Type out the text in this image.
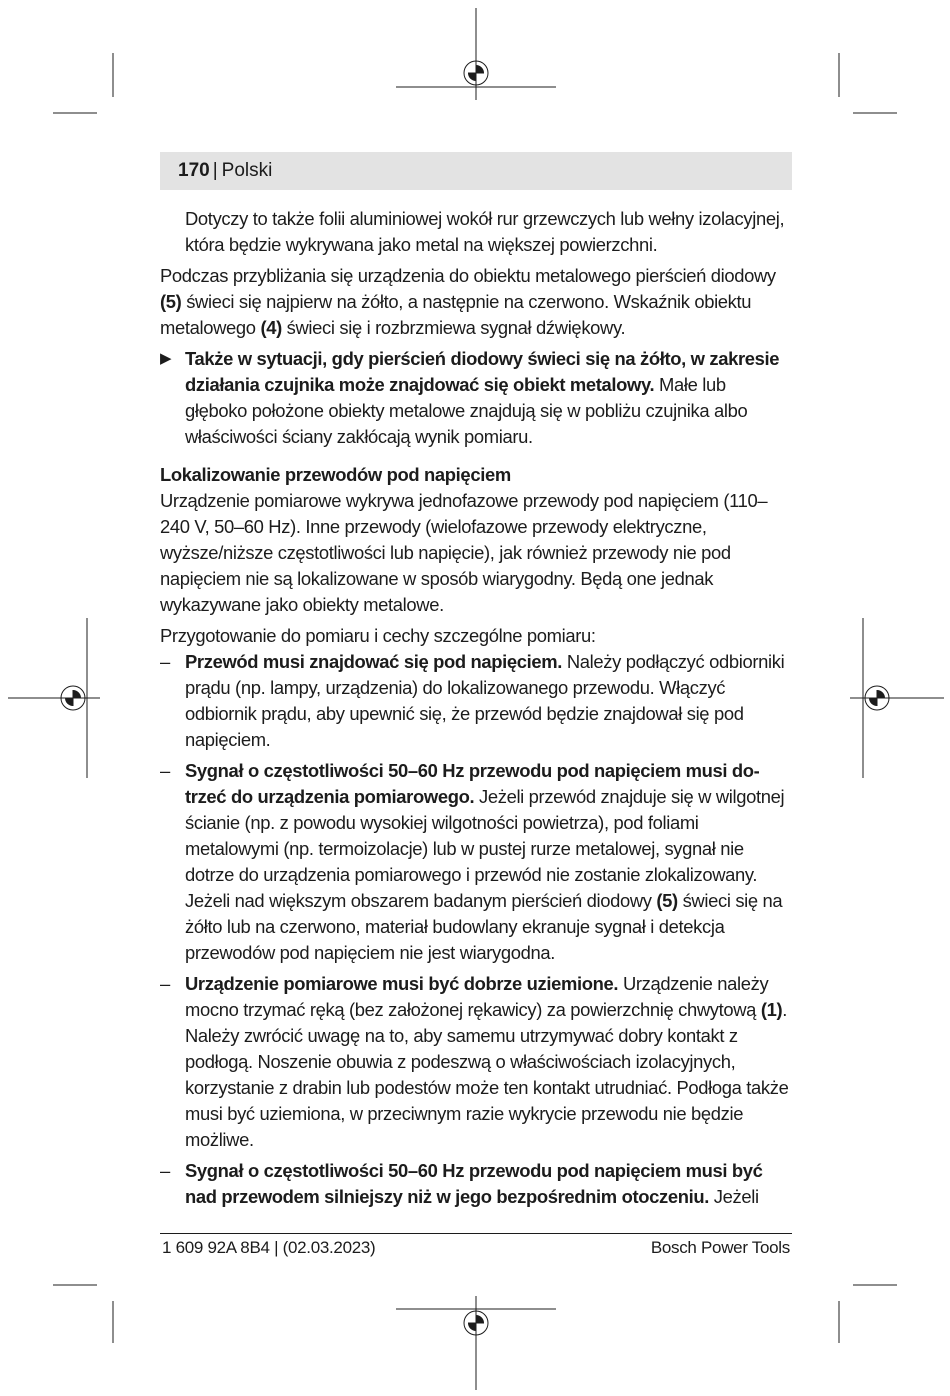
170 | Polski
Dotyczy to także folii aluminiowej wokół rur grzewczych lub wełny izolacyjnej, która będzie wykrywana jako metal na większej powierzchni.
Podczas przybliżania się urządzenia do obiektu metalowego pierścień diodowy (5) świeci się najpierw na żółto, a następnie na czerwono. Wskaźnik obiektu metalowego (4) świeci się i rozbrzmiewa sygnał dźwiękowy.
▶ Także w sytuacji, gdy pierścień diodowy świeci się na żółto, w zakresie działania czujnika może znajdować się obiekt metalowy. Małe lub głęboko położone obiekty metalowe znajdują się w pobliżu czujnika albo właściwości ściany zakłócają wynik pomiaru.
Lokalizowanie przewodów pod napięciem
Urządzenie pomiarowe wykrywa jednofazowe przewody pod napięciem (110–240 V, 50–60 Hz). Inne przewody (wielofazowe przewody elektryczne, wyższe/niższe częstotliwości lub napięcie), jak również przewody nie pod napięciem nie są lokalizowane w sposób wiarygodny. Będą one jednak wykazywane jako obiekty metalowe.
Przygotowanie do pomiaru i cechy szczególne pomiaru:
– Przewód musi znajdować się pod napięciem. Należy podłączyć odbiorniki prądu (np. lampy, urządzenia) do lokalizowanego przewodu. Włączyć odbiornik prądu, aby upewnić się, że przewód będzie znajdował się pod napięciem.
– Sygnał o częstotliwości 50–60 Hz przewodu pod napięciem musi dotrzeć do urządzenia pomiarowego. Jeżeli przewód znajduje się w wilgotnej ścianie (np. z powodu wysokiej wilgotności powietrza), pod foliami metalowymi (np. termoizolacje) lub w pustej rurze metalowej, sygnał nie dotrze do urządzenia pomiarowego i przewód nie zostanie zlokalizowany. Jeżeli nad większym obszarem badanym pierścień diodowy (5) świeci się na żółto lub na czerwono, materiał budowlany ekranuje sygnał i detekcja przewodów pod napięciem nie jest wiarygodna.
– Urządzenie pomiarowe musi być dobrze uziemione. Urządzenie należy mocno trzymać ręką (bez założonej rękawicy) za powierzchnię chwytową (1). Należy zwrócić uwagę na to, aby samemu utrzymywać dobry kontakt z podłogą. Noszenie obuwia z podeszwą o właściwościach izolacyjnych, korzystanie z drabin lub podestów może ten kontakt utrudniać. Podłoga także musi być uziemiona, w przeciwnym razie wykrycie przewodu nie będzie możliwe.
– Sygnał o częstotliwości 50–60 Hz przewodu pod napięciem musi być nad przewodem silniejszy niż w jego bezpośrednim otoczeniu. Jeżeli
1 609 92A 8B4 | (02.03.2023)	Bosch Power Tools
